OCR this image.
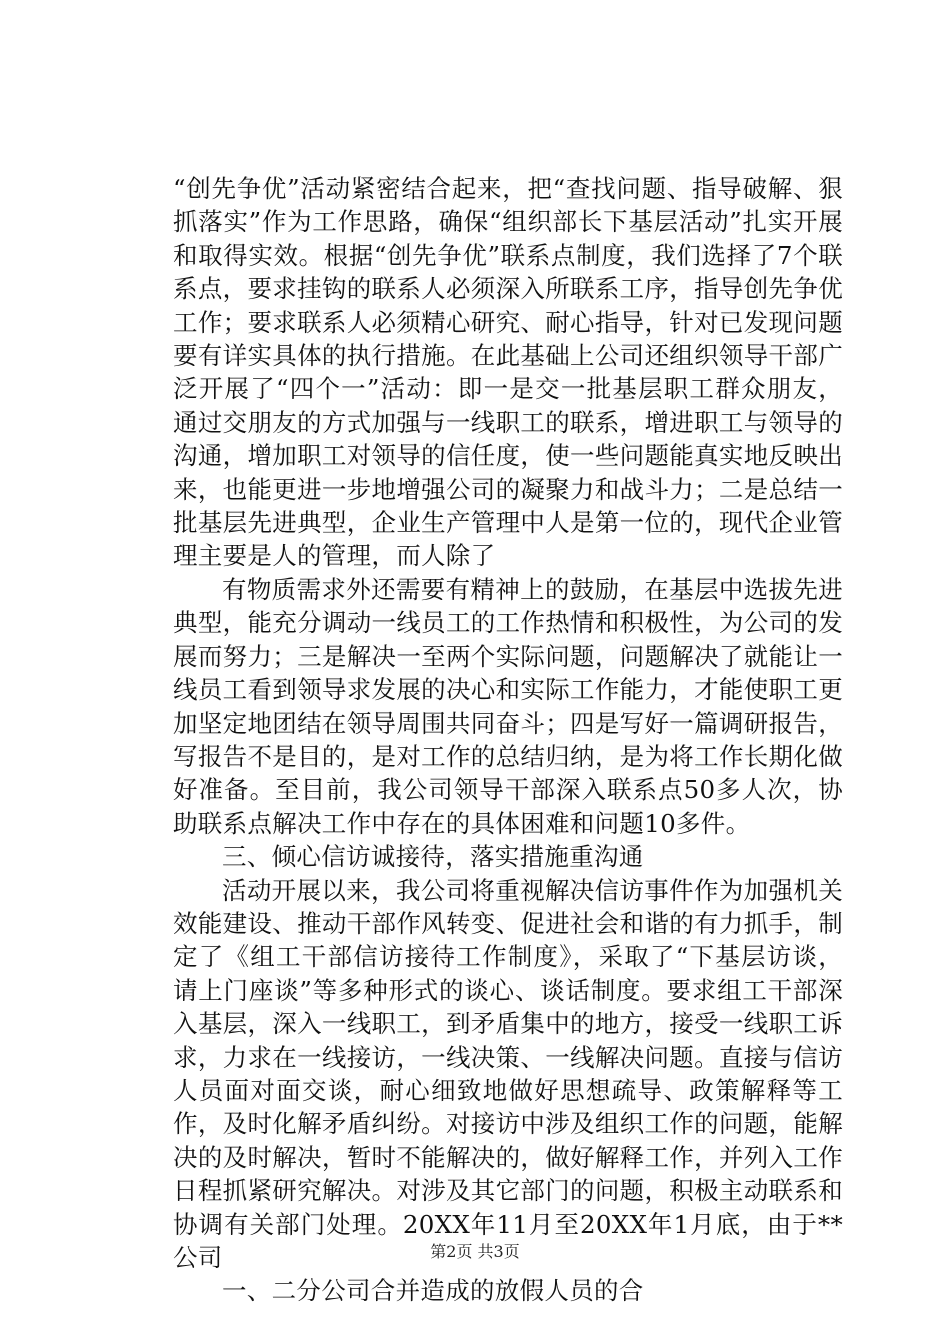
“创先争优”活动紧密结合起来，把“查找问题、指导破解、狠抓落实”作为工作思路，确保“组织部长下基层活动”扎实开展和取得实效。根据“创先争优”联系点制度，我们选择了7个联系点，要求挂钩的联系人必须深入所联系工序，指导创先争优工作；要求联系人必须精心研究、耐心指导，针对已发现问题要有详实具体的执行措施。在此基础上公司还组织领导干部广泛开展了“四个一”活动：即一是交一批基层职工群众朋友，通过交朋友的方式加强与一线职工的联系，增进职工与领导的沟通，增加职工对领导的信任度，使一些问题能真实地反映出来，也能更进一步地增强公司的凝聚力和战斗力；二是总结一批基层先进典型，企业生产管理中人是第一位的，现代企业管理主要是人的管理，而人除了

有物质需求外还需要有精神上的鼓励，在基层中选拔先进典型，能充分调动一线员工的工作热情和积极性，为公司的发展而努力；三是解决一至两个实际问题，问题解决了就能让一线员工看到领导求发展的决心和实际工作能力，才能使职工更加坚定地团结在领导周围共同奋斗；四是写好一篇调研报告，写报告不是目的，是对工作的总结归纳，是为将工作长期化做好准备。至目前，我公司领导干部深入联系点50多人次，协助联系点解决工作中存在的具体困难和问题10多件。

三、倾心信访诚接待，落实措施重沟通

活动开展以来，我公司将重视解决信访事件作为加强机关效能建设、推动干部作风转变、促进社会和谐的有力抓手，制定了《组工干部信访接待工作制度》，采取了“下基层访谈，请上门座谈”等多种形式的谈心、谈话制度。要求组工干部深入基层，深入一线职工，到矛盾集中的地方，接受一线职工诉求，力求在一线接访，一线决策、一线解决问题。直接与信访人员面对面交谈，耐心细致地做好思想疏导、政策解释等工作，及时化解矛盾纠纷。对接访中涉及组织工作的问题，能解决的及时解决，暂时不能解决的，做好解释工作，并列入工作日程抓紧研究解决。对涉及其它部门的问题，积极主动联系和协调有关部门处理。20XX年11月至20XX年1月底，由于**公司

一、二分公司合并造成的放假人员的合

第2页 共3页
